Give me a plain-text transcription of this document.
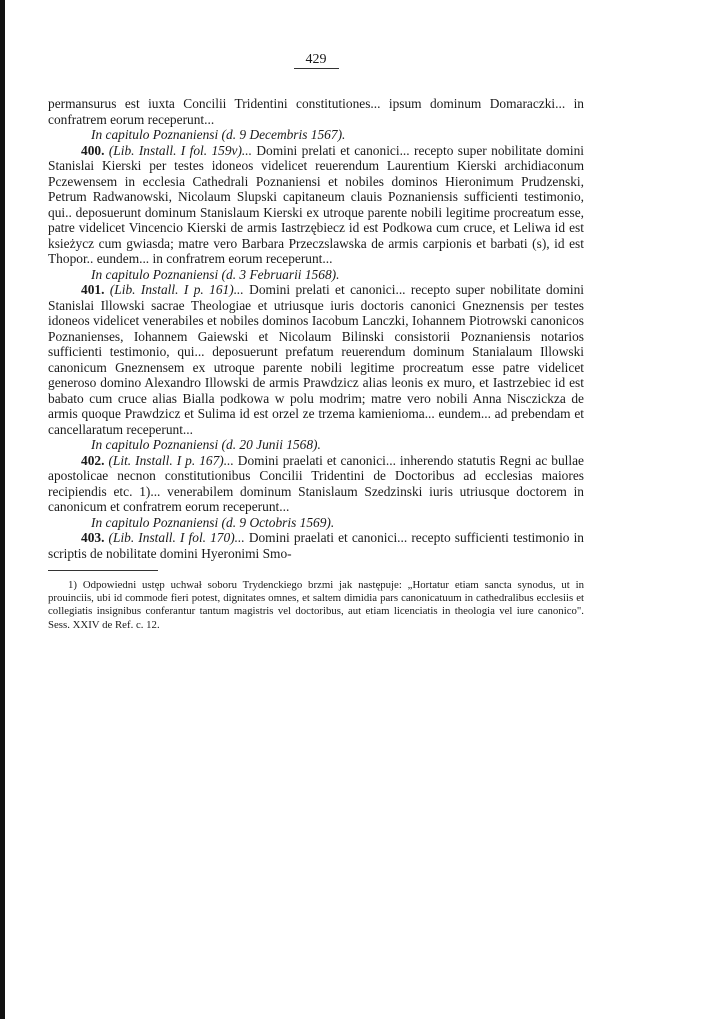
429

permansurus est iuxta Concilii Tridentini constitutiones... ipsum dominum Domaraczki... in confratrem eorum receperunt...

In capitulo Poznaniensi (d. 9 Decembris 1567).

400. (Lib. Install. I fol. 159v)... Domini prelati et canonici... recepto super nobilitate domini Stanislai Kierski per testes idoneos videlicet reuerendum Laurentium Kierski archidiaconum Pczewensem in ecclesia Cathedrali Poznaniensi et nobiles dominos Hieronimum Prudzenski, Petrum Radwanowski, Nicolaum Slupski capitaneum clauis Poznaniensis sufficienti testimonio, qui.. deposuerunt dominum Stanislaum Kierski ex utroque parente nobili legitime procreatum esse, patre videlicet Vincencio Kierski de armis Iastrzębiecz id est Podkowa cum cruce, et Leliwa id est ksieżycz cum gwiasda; matre vero Barbara Przeczslawska de armis carpionis et barbati (s), id est Thopor.. eundem... in confratrem eorum receperunt...

In capitulo Poznaniensi (d. 3 Februarii 1568).

401. (Lib. Install. I p. 161)... Domini prelati et canonici... recepto super nobilitate domini Stanislai Illowski sacrae Theologiae et utriusque iuris doctoris canonici Gneznensis per testes idoneos videlicet venerabiles et nobiles dominos Iacobum Lanczki, Iohannem Piotrowski canonicos Poznanienses, Iohannem Gaiewski et Nicolaum Bilinski consistorii Poznaniensis notarios sufficienti testimonio, qui... deposuerunt prefatum reuerendum dominum Stanialaum Illowski canonicum Gneznensem ex utroque parente nobili legitime procreatum esse patre videlicet generoso domino Alexandro Illowski de armis Prawdzicz alias leonis ex muro, et Iastrzebiec id est babato cum cruce alias Bialla podkowa w polu modrim; matre vero nobili Anna Nisczickza de armis quoque Prawdzicz et Sulima id est orzel ze trzema kamienioma... eundem... ad prebendam et cancellaratum receperunt...

In capitulo Poznaniensi (d. 20 Junii 1568).

402. (Lit. Install. I p. 167)... Domini praelati et canonici... inherendo statutis Regni ac bullae apostolicae necnon constitutionibus Concilii Tridentini de Doctoribus ad ecclesias maiores recipiendis etc. 1)... venerabilem dominum Stanislaum Szedzinski iuris utriusque doctorem in canonicum et confratrem eorum receperunt...

In capitulo Poznaniensi (d. 9 Octobris 1569).

403. (Lib. Install. I fol. 170)... Domini praelati et canonici... recepto sufficienti testimonio in scriptis de nobilitate domini Hyeronimi Smo-

1) Odpowiedni ustęp uchwał soboru Trydenckiego brzmi jak następuje: „Hortatur etiam sancta synodus, ut in prouinciis, ubi id commode fieri potest, dignitates omnes, et saltem dimidia pars canonicatuum in cathedralibus ecclesiis et collegiatis insignibus conferantur tantum magistris vel doctoribus, aut etiam licenciatis in theologia vel iure canonico". Sess. XXIV de Ref. c. 12.
